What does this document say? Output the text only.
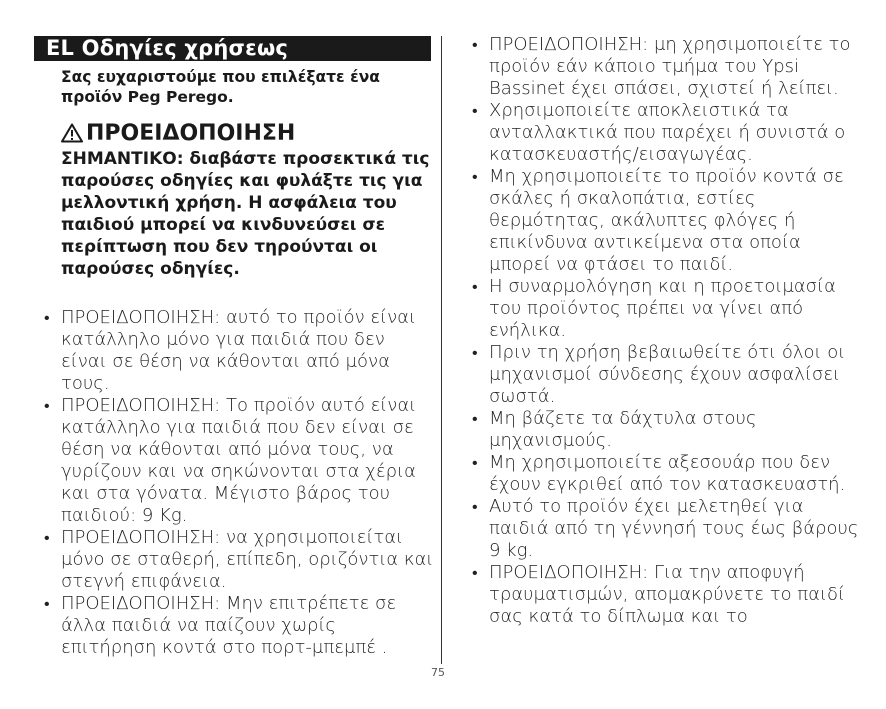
EL Οδηγίες χρήσεως
Σας ευχαριστούμε που επιλέξατε ένα προϊόν Peg Perego.
ΠΡΟΕΙΔΟΠΟΙΗΣΗ
ΣΗΜΑΝΤΙΚΟ: διαβάστε προσεκτικά τις παρούσες οδηγίες και φυλάξτε τις για μελλοντική χρήση. Η ασφάλεια του παιδιού μπορεί να κινδυνεύσει σε περίπτωση που δεν τηρούνται οι παρούσες οδηγίες.
• ΠΡΟΕΙΔΟΠΟΙΗΣΗ: αυτό το προϊόν είναι κατάλληλο μόνο για παιδιά που δεν είναι σε θέση να κάθονται από μόνα τους.
• ΠΡΟΕΙΔΟΠΟΙΗΣΗ: Το προϊόν αυτό είναι κατάλληλο για παιδιά που δεν είναι σε θέση να κάθονται από μόνα τους, να γυρίζουν και να σηκώνονται στα χέρια και στα γόνατα. Μέγιστο βάρος του παιδιού: 9 Kg.
• ΠΡΟΕΙΔΟΠΟΙΗΣΗ: να χρησιμοποιείται μόνο σε σταθερή, επίπεδη, οριζόντια και στεγνή επιφάνεια.
• ΠΡΟΕΙΔΟΠΟΙΗΣΗ: Μην επιτρέπετε σε άλλα παιδιά να παίζουν χωρίς επιτήρηση κοντά στο πορτ-μπεμπέ .
• ΠΡΟΕΙΔΟΠΟΙΗΣΗ: μη χρησιμοποιείτε το προϊόν εάν κάποιο τμήμα του Ypsi Bassinet έχει σπάσει, σχιστεί ή λείπει.
• Χρησιμοποιείτε αποκλειστικά τα ανταλλακτικά που παρέχει ή συνιστά ο κατασκευαστής/εισαγωγέας.
• Μη χρησιμοποιείτε το προϊόν κοντά σε σκάλες ή σκαλοπάτια, εστίες θερμότητας, ακάλυπτες φλόγες ή επικίνδυνα αντικείμενα στα οποία μπορεί να φτάσει το παιδί.
• Η συναρμολόγηση και η προετοιμασία του προϊόντος πρέπει να γίνει από ενήλικα.
• Πριν τη χρήση βεβαιωθείτε ότι όλοι οι μηχανισμοί σύνδεσης έχουν ασφαλίσει σωστά.
• Μη βάζετε τα δάχτυλα στους μηχανισμούς.
• Μη χρησιμοποιείτε αξεσουάρ που δεν έχουν εγκριθεί από τον κατασκευαστή.
• Αυτό το προϊόν έχει μελετηθεί για παιδιά από τη γέννησή τους έως βάρους 9 kg.
• ΠΡΟΕΙΔΟΠΟΙΗΣΗ: Για την αποφυγή τραυματισμών, απομακρύνετε το παιδί σας κατά το δίπλωμα και το
75
